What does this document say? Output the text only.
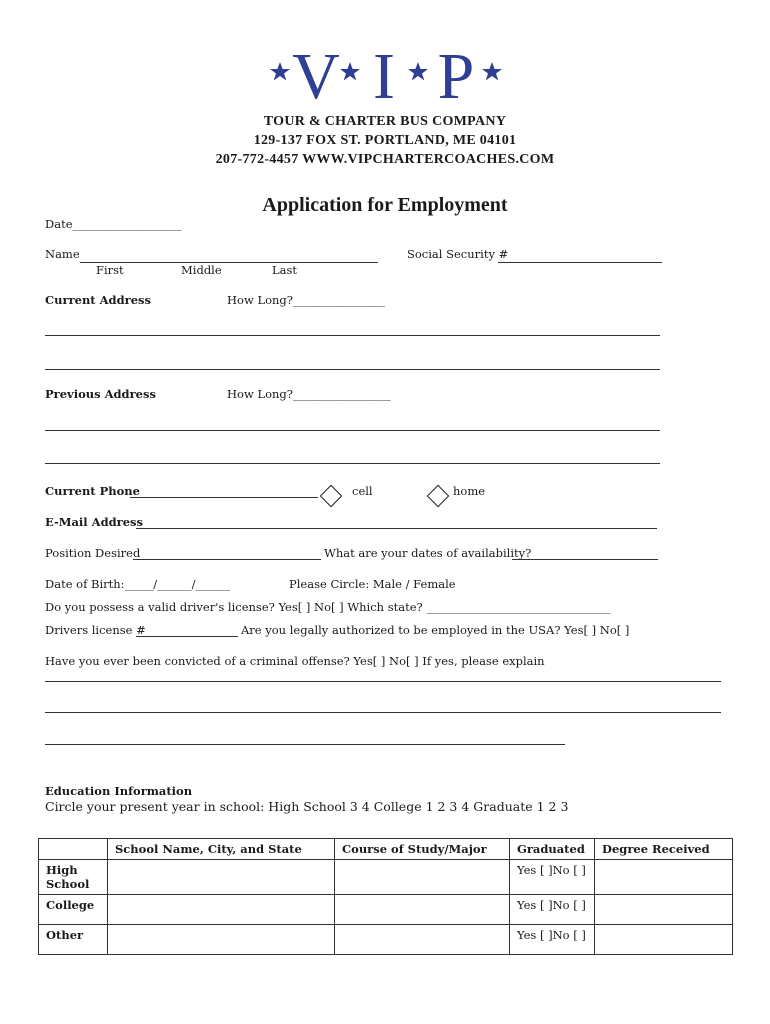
V I P
TOUR & CHARTER BUS COMPANY
129-137 FOX ST. PORTLAND, ME 04101
207-772-4457 WWW.VIPCHARTERCOACHES.COM
Application for Employment
Date___________________
Name	Social Security #
First	Middle	Last
Current Address	How Long?________________
Previous Address	How Long?_________________
Current Phone	cell	home
E-Mail Address
Position Desired	What are your dates of availability?
Date of Birth:_____/______/______	Please Circle: Male / Female
Do you possess a valid driver's license? Yes[ ] No[ ] Which state? ________________________________
Drivers license #	Are you legally authorized to be employed in the USA? Yes[ ] No[ ]
Have you ever been convicted of a criminal offense? Yes[ ] No[ ] If yes, please explain
Education Information
Circle your present year in school: High School 3 4 College 1 2 3 4 Graduate 1 2 3
	School Name, City, and State	Course of Study/Major	Graduated	Degree Received
High School			Yes [ ]No [ ]	
College			Yes [ ]No [ ]	
Other			Yes [ ]No [ ]	
